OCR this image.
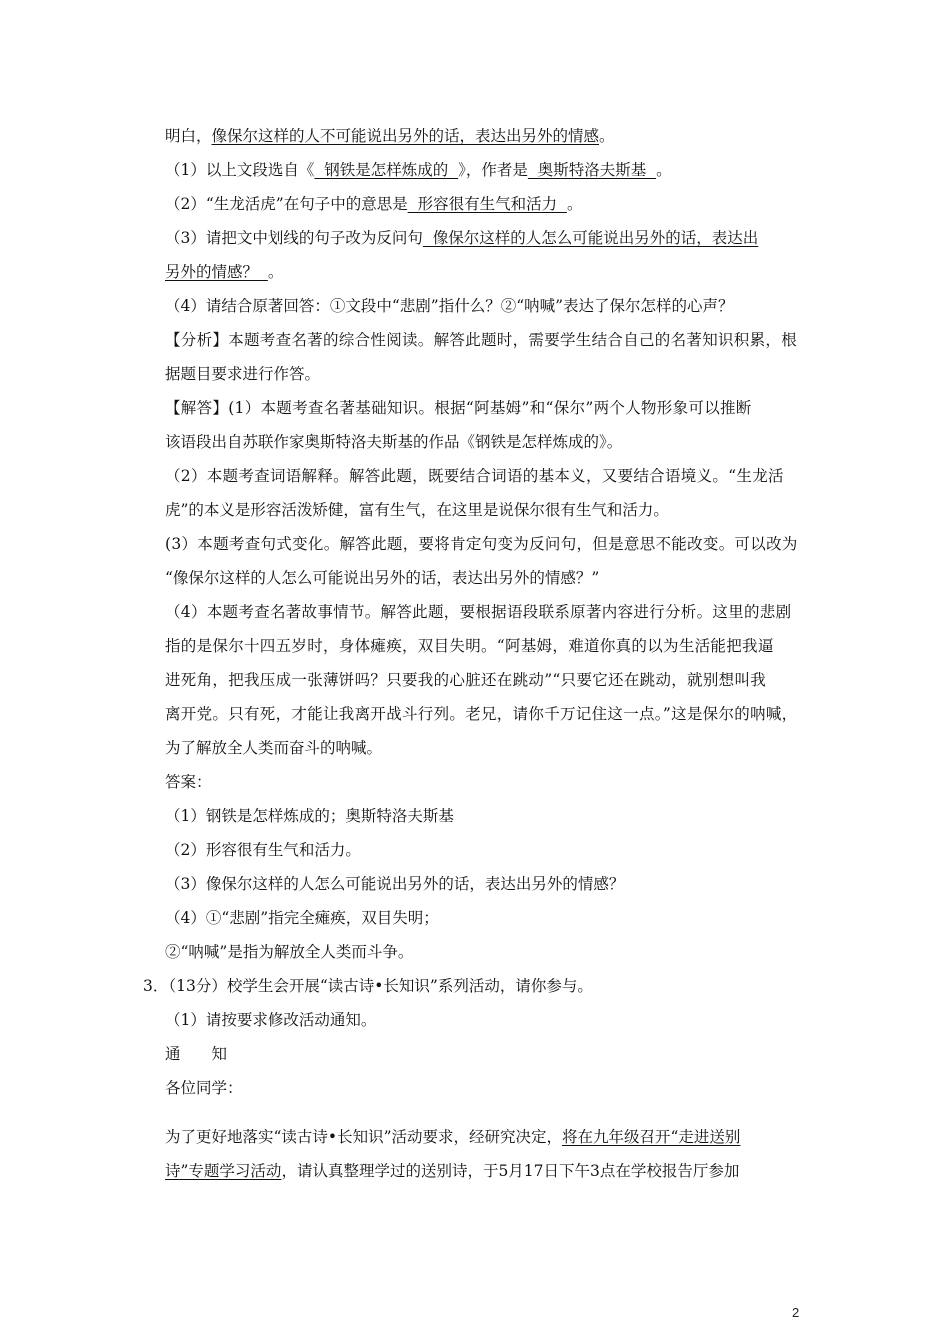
明白，像保尔这样的人不可能说出另外的话，表达出另外的情感。
（1）以上文段选自《  钢铁是怎样炼成的  》，作者是  奥斯特洛夫斯基  。
（2）“生龙活虎”在句子中的意思是  形容很有生气和活力  。
（3）请把文中划线的句子改为反问句  像保尔这样的人怎么可能说出另外的话，表达出
另外的情感？  。
（4）请结合原著回答：①文段中“悲剧”指什么？②“呐喊”表达了保尔怎样的心声？
【分析】本题考查名著的综合性阅读。解答此题时，需要学生结合自己的名著知识积累，根
据题目要求进行作答。
【解答】(1）本题考查名著基础知识。根据“阿基姆”和“保尔”两个人物形象可以推断
该语段出自苏联作家奥斯特洛夫斯基的作品《钢铁是怎样炼成的》。
（2）本题考查词语解释。解答此题，既要结合词语的基本义，又要结合语境义。“生龙活
虎”的本义是形容活泼矫健，富有生气，在这里是说保尔很有生气和活力。
(3）本题考查句式变化。解答此题，要将肯定句变为反问句，但是意思不能改变。可以改为
“像保尔这样的人怎么可能说出另外的话，表达出另外的情感？”
（4）本题考查名著故事情节。解答此题，要根据语段联系原著内容进行分析。这里的悲剧
指的是保尔十四五岁时，身体瘫痪，双目失明。“阿基姆，难道你真的以为生活能把我逼
进死角，把我压成一张薄饼吗？只要我的心脏还在跳动”“只要它还在跳动，就别想叫我
离开党。只有死，才能让我离开战斗行列。老兄，请你千万记住这一点。”这是保尔的呐喊，
为了解放全人类而奋斗的呐喊。
答案：
（1）钢铁是怎样炼成的；奥斯特洛夫斯基
（2）形容很有生气和活力。
（3）像保尔这样的人怎么可能说出另外的话，表达出另外的情感？
（4）①“悲剧”指完全瘫痪，双目失明；
②“呐喊”是指为解放全人类而斗争。
3．（13分）校学生会开展“读古诗•长知识”系列活动，请你参与。
（1）请按要求修改活动通知。
通　　知
各位同学：
为了更好地落实“读古诗•长知识”活动要求，经研究决定，将在九年级召开“走进送别
诗”专题学习活动，请认真整理学过的送别诗，于5月17日下午3点在学校报告厅参加
2
